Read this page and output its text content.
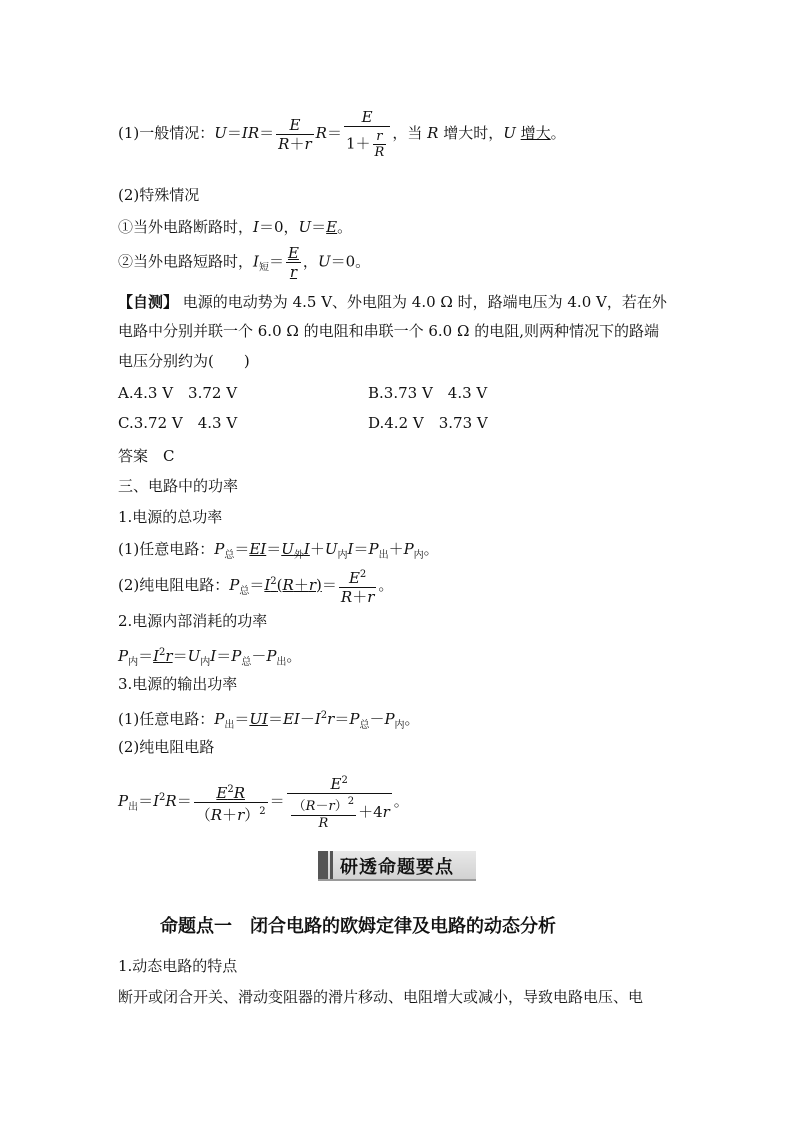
(1)一般情况：$U=IR= \frac{E}{R+r} R= \frac{E}{1+ \frac{r}{R}}$ ，当 R 增大时，U 增大。
(2)特殊情况
①当外电路断路时，I＝0，U＝E。
②当外电路短路时，$I_短= \frac{E}{r}$ ，U＝0。
【自测】 电源的电动势为 4.5 V、外电阻为 4.0 Ω 时，路端电压为 4.0 V，若在外
电路中分别并联一个 6.0 Ω 的电阻和串联一个 6.0 Ω 的电阻,则两种情况下的路端
电压分别约为(　　)
A.4.3 V　3.72 V	B.3.73 V　4.3 V
C.3.72 V　4.3 V	D.4.2 V　3.73 V
答案　C
三、电路中的功率
1.电源的总功率
(1)任意电路：$P_总=EI=U_外I+U_内I=P_出+P_内$。
(2)纯电阻电路：$P_总=I^2(R+r)= \frac{E^2}{R+r}$ 。
2.电源内部消耗的功率
$P_内=I^2r=U_内I=P_总-P_出$。
3.电源的输出功率
(1)任意电路：$P_出=UI=EI-I^2r=P_总-P_内$。
(2)纯电阻电路
$P_出=I^2R= \frac{E^2R}{(R+r)^2} = \frac{E^2}{\frac{(R-r)^2}{R} +4r}$ 。
研透命题要点
命题点一　闭合电路的欧姆定律及电路的动态分析
1.动态电路的特点
断开或闭合开关、滑动变阻器的滑片移动、电阻增大或减小，导致电路电压、电
